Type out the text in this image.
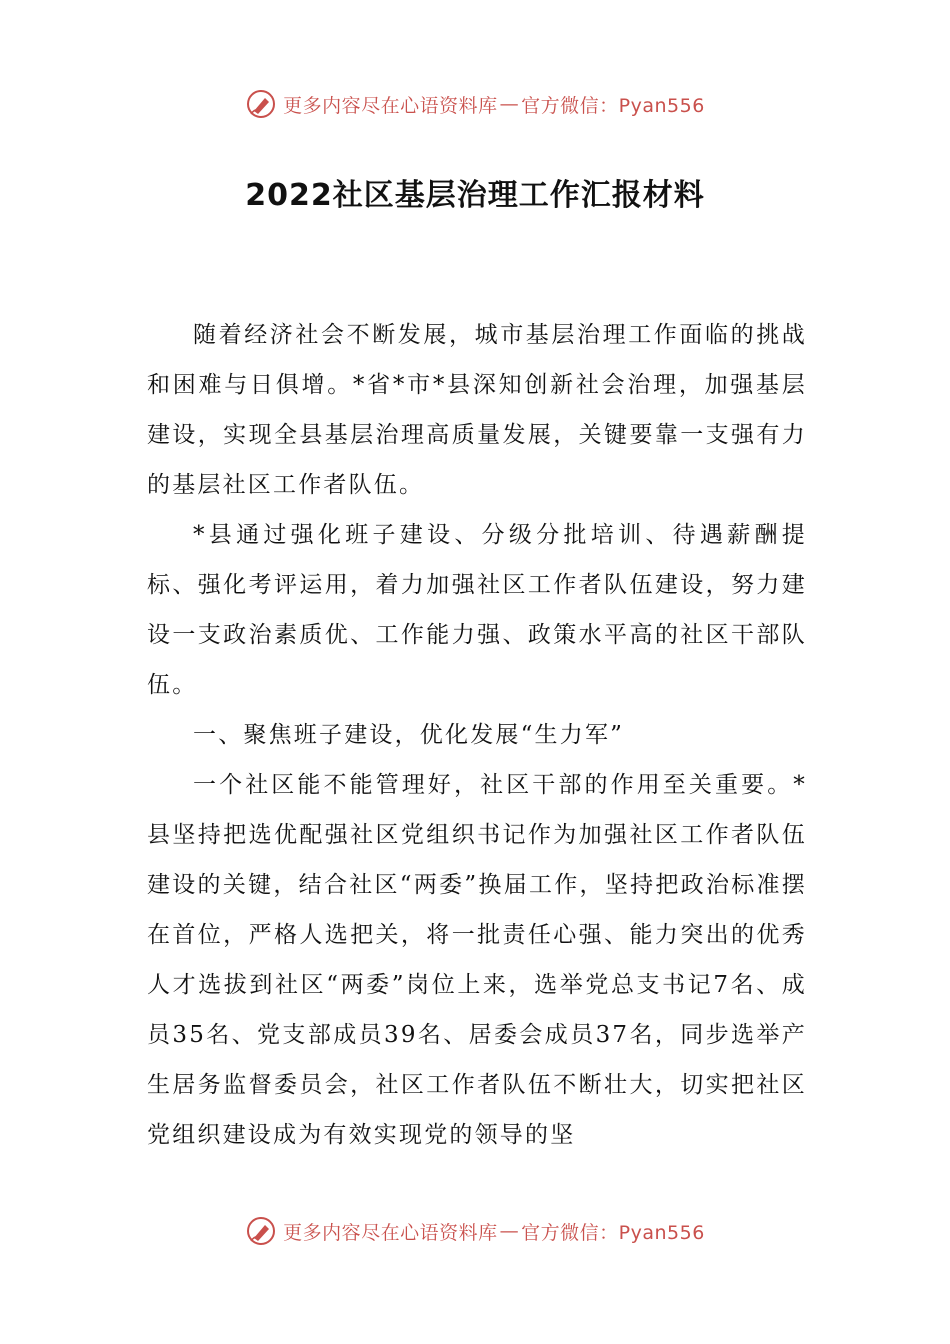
更多内容尽在心语资料库 — 官方微信：Pyan556
2022社区基层治理工作汇报材料

随着经济社会不断发展，城市基层治理工作面临的挑战和困难与日俱增。*省*市*县深知创新社会治理，加强基层建设，实现全县基层治理高质量发展，关键要靠一支强有力的基层社区工作者队伍。

*县通过强化班子建设、分级分批培训、待遇薪酬提标、强化考评运用，着力加强社区工作者队伍建设，努力建设一支政治素质优、工作能力强、政策水平高的社区干部队伍。

一、聚焦班子建设，优化发展“生力军”

一个社区能不能管理好，社区干部的作用至关重要。*县坚持把选优配强社区党组织书记作为加强社区工作者队伍建设的关键，结合社区“两委”换届工作，坚持把政治标准摆在首位，严格人选把关，将一批责任心强、能力突出的优秀人才选拔到社区“两委”岗位上来，选举党总支书记7名、成员35名、党支部成员39名、居委会成员37名，同步选举产生居务监督委员会，社区工作者队伍不断壮大，切实把社区党组织建设成为有效实现党的领导的坚

更多内容尽在心语资料库 — 官方微信：Pyan556
